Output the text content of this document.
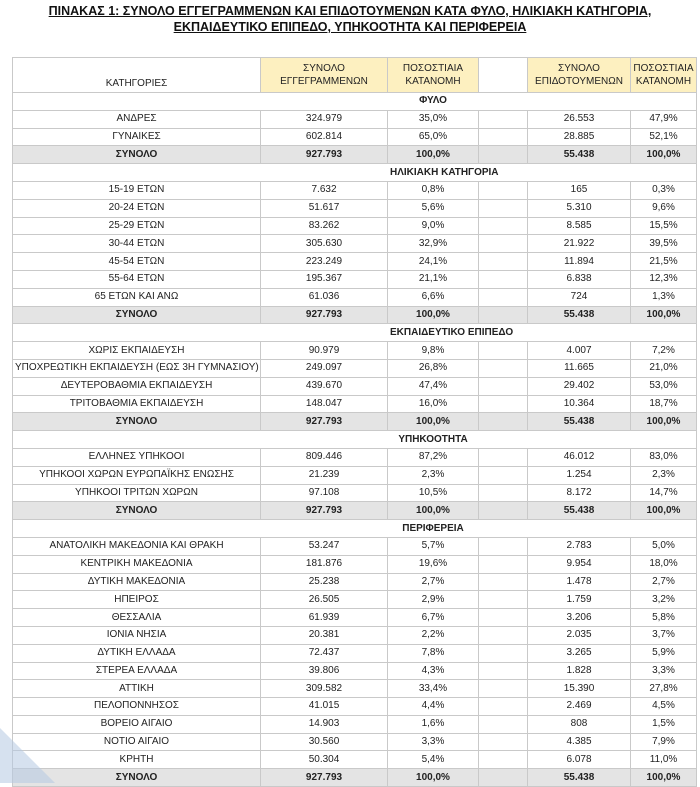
ΠΙΝΑΚΑΣ 1: ΣΥΝΟΛΟ ΕΓΓΕΓΡΑΜΜΕΝΩΝ ΚΑΙ ΕΠΙΔΟΤΟΥΜΕΝΩΝ ΚΑΤΑ ΦΥΛΟ, ΗΛΙΚΙΑΚΗ ΚΑΤΗΓΟΡΙΑ,
ΕΚΠΑΙΔΕΥΤΙΚΟ ΕΠΙΠΕΔΟ, ΥΠΗΚΟΟΤΗΤΑ ΚΑΙ ΠΕΡΙΦΕΡΕΙΑ
ΚΑΤΗΓΟΡΙΕΣ	ΣΥΝΟΛΟ ΕΓΓΕΓΡΑΜΜΕΝΩΝ	ΠΟΣΟΣΤΙΑΙΑ ΚΑΤΑΝΟΜΗ		ΣΥΝΟΛΟ ΕΠΙΔΟΤΟΥΜΕΝΩΝ	ΠΟΣΟΣΤΙΑΙΑ ΚΑΤΑΝΟΜΗ
		ΦΥΛΟ			
ΑΝΔΡΕΣ	324.979	35,0%		26.553	47,9%
ΓΥΝΑΙΚΕΣ	602.814	65,0%		28.885	52,1%
ΣΥΝΟΛΟ	927.793	100,0%		55.438	100,0%
		ΗΛΙΚΙΑΚΗ ΚΑΤΗΓΟΡΙΑ			
15-19 ΕΤΩΝ	7.632	0,8%		165	0,3%
20-24 ΕΤΩΝ	51.617	5,6%		5.310	9,6%
25-29 ΕΤΩΝ	83.262	9,0%		8.585	15,5%
30-44 ΕΤΩΝ	305.630	32,9%		21.922	39,5%
45-54 ΕΤΩΝ	223.249	24,1%		11.894	21,5%
55-64 ΕΤΩΝ	195.367	21,1%		6.838	12,3%
65 ΕΤΩΝ ΚΑΙ ΑΝΩ	61.036	6,6%		724	1,3%
ΣΥΝΟΛΟ	927.793	100,0%		55.438	100,0%
		ΕΚΠΑΙΔΕΥΤΙΚΟ ΕΠΙΠΕΔΟ			
ΧΩΡΙΣ ΕΚΠΑΙΔΕΥΣΗ	90.979	9,8%		4.007	7,2%
ΥΠΟΧΡΕΩΤΙΚΗ ΕΚΠΑΙΔΕΥΣΗ (ΕΩΣ 3Η ΓΥΜΝΑΣΙΟΥ)	249.097	26,8%		11.665	21,0%
ΔΕΥΤΕΡΟΒΑΘΜΙΑ ΕΚΠΑΙΔΕΥΣΗ	439.670	47,4%		29.402	53,0%
ΤΡΙΤΟΒΑΘΜΙΑ ΕΚΠΑΙΔΕΥΣΗ	148.047	16,0%		10.364	18,7%
ΣΥΝΟΛΟ	927.793	100,0%		55.438	100,0%
		ΥΠΗΚΟΟΤΗΤΑ			
ΕΛΛΗΝΕΣ ΥΠΗΚΟΟΙ	809.446	87,2%		46.012	83,0%
ΥΠΗΚΟΟΙ ΧΩΡΩΝ ΕΥΡΩΠΑΪΚΗΣ ΕΝΩΣΗΣ	21.239	2,3%		1.254	2,3%
ΥΠΗΚΟΟΙ ΤΡΙΤΩΝ ΧΩΡΩΝ	97.108	10,5%		8.172	14,7%
ΣΥΝΟΛΟ	927.793	100,0%		55.438	100,0%
		ΠΕΡΙΦΕΡΕΙΑ			
ΑΝΑΤΟΛΙΚΗ ΜΑΚΕΔΟΝΙΑ ΚΑΙ ΘΡΑΚΗ	53.247	5,7%		2.783	5,0%
ΚΕΝΤΡΙΚΗ ΜΑΚΕΔΟΝΙΑ	181.876	19,6%		9.954	18,0%
ΔΥΤΙΚΗ ΜΑΚΕΔΟΝΙΑ	25.238	2,7%		1.478	2,7%
ΗΠΕΙΡΟΣ	26.505	2,9%		1.759	3,2%
ΘΕΣΣΑΛΙΑ	61.939	6,7%		3.206	5,8%
ΙΟΝΙΑ ΝΗΣΙΑ	20.381	2,2%		2.035	3,7%
ΔΥΤΙΚΗ ΕΛΛΑΔΑ	72.437	7,8%		3.265	5,9%
ΣΤΕΡΕΑ ΕΛΛΑΔΑ	39.806	4,3%		1.828	3,3%
ΑΤΤΙΚΗ	309.582	33,4%		15.390	27,8%
ΠΕΛΟΠΟΝΝΗΣΟΣ	41.015	4,4%		2.469	4,5%
ΒΟΡΕΙΟ ΑΙΓΑΙΟ	14.903	1,6%		808	1,5%
ΝΟΤΙΟ ΑΙΓΑΙΟ	30.560	3,3%		4.385	7,9%
ΚΡΗΤΗ	50.304	5,4%		6.078	11,0%
ΣΥΝΟΛΟ	927.793	100,0%		55.438	100,0%
